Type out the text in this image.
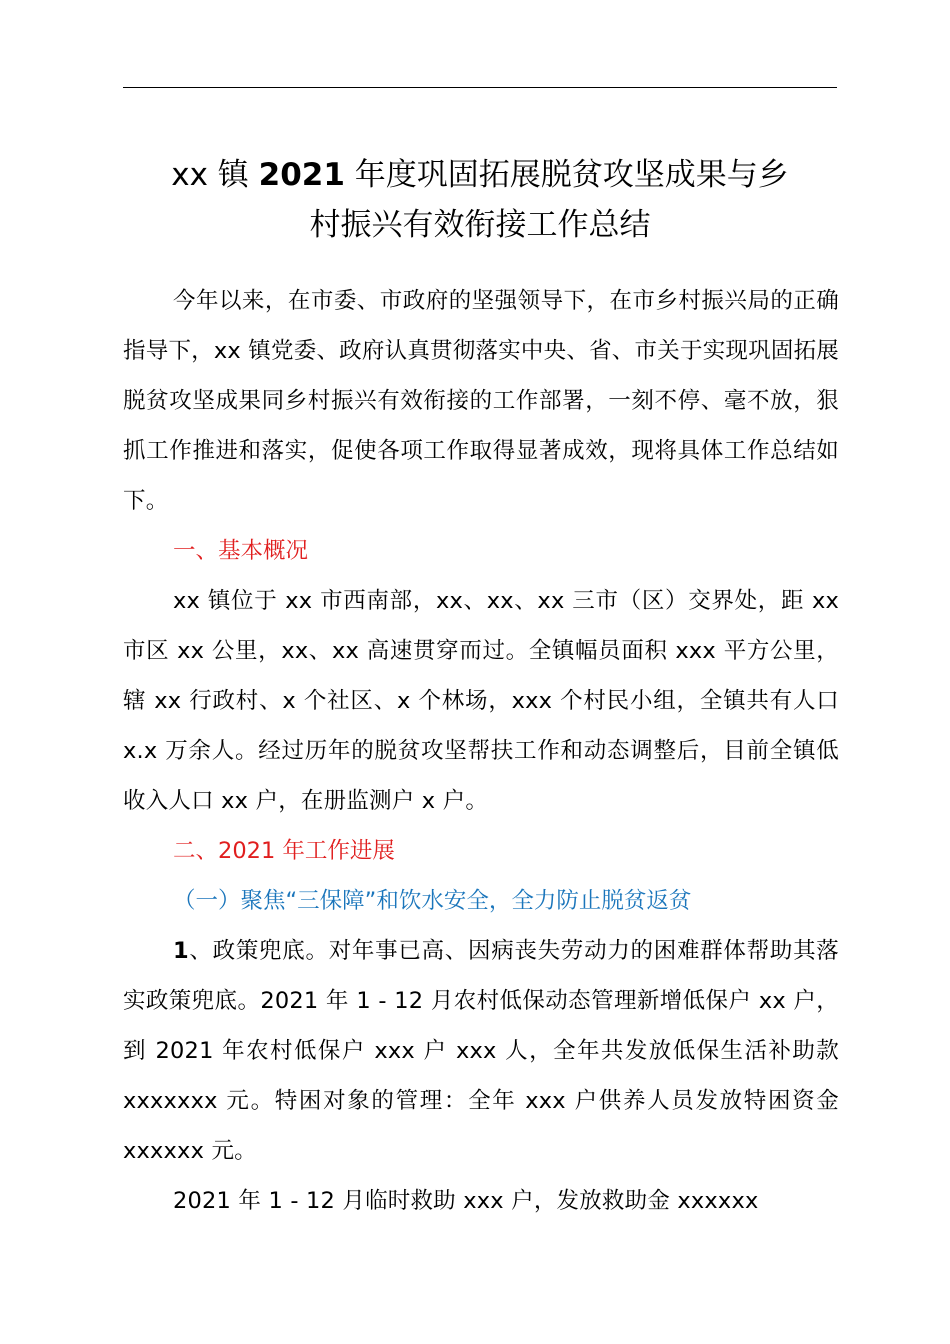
xx 镇 2021 年度巩固拓展脱贫攻坚成果与乡
村振兴有效衔接工作总结

今年以来，在市委、市政府的坚强领导下，在市乡村振兴局的正确指导下，xx 镇党委、政府认真贯彻落实中央、省、市关于实现巩固拓展脱贫攻坚成果同乡村振兴有效衔接的工作部署，一刻不停、毫不放，狠抓工作推进和落实，促使各项工作取得显著成效，现将具体工作总结如下。

一、基本概况

xx 镇位于 xx 市西南部，xx、xx、xx 三市（区）交界处，距 xx 市区 xx 公里，xx、xx 高速贯穿而过。全镇幅员面积 xxx 平方公里，辖 xx 行政村、x 个社区、x 个林场，xxx 个村民小组，全镇共有人口 x.x 万余人。经过历年的脱贫攻坚帮扶工作和动态调整后，目前全镇低收入人口 xx 户，在册监测户 x 户。

二、2021 年工作进展

（一）聚焦“三保障”和饮水安全，全力防止脱贫返贫

1、政策兜底。对年事已高、因病丧失劳动力的困难群体帮助其落实政策兜底。2021 年 1 - 12 月农村低保动态管理新增低保户 xx 户，到 2021 年农村低保户 xxx 户 xxx 人，全年共发放低保生活补助款 xxxxxxx 元。特困对象的管理：全年 xxx 户供养人员发放特困资金 xxxxxx 元。

2021 年 1 - 12 月临时救助 xxx 户，发放救助金 xxxxxx
